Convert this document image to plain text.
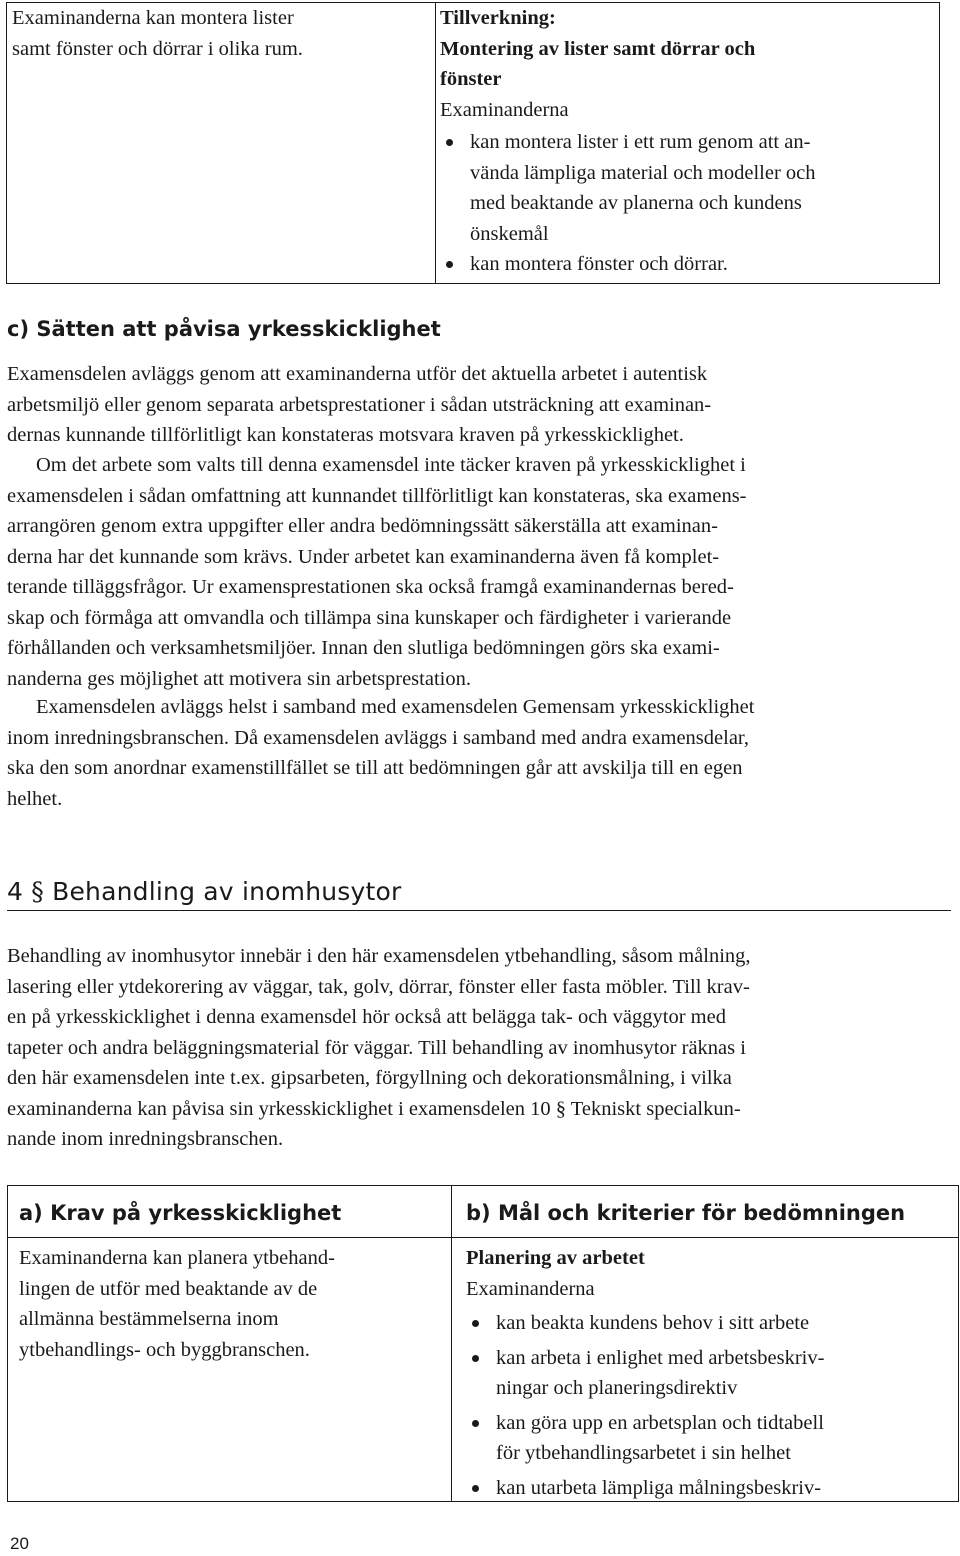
Examinanderna kan montera lister
samt fönster och dörrar i olika rum.
Tillverkning:
Montering av lister samt dörrar och
fönster
Examinanderna
kan montera lister i ett rum genom att an-
vända lämpliga material och modeller och
med beaktande av planerna och kundens
önskemål
kan montera fönster och dörrar.
c) Sätten att påvisa yrkesskicklighet
Examensdelen avläggs genom att examinanderna utför det aktuella arbetet i autentisk
arbetsmiljö eller genom separata arbetsprestationer i sådan utsträckning att examinan-
dernas kunnande tillförlitligt kan konstateras motsvara kraven på yrkesskicklighet.
Om det arbete som valts till denna examensdel inte täcker kraven på yrkesskicklighet i
examensdelen i sådan omfattning att kunnandet tillförlitligt kan konstateras, ska examens-
arrangören genom extra uppgifter eller andra bedömningssätt säkerställa att examinan-
derna har det kunnande som krävs. Under arbetet kan examinanderna även få komplet-
terande tilläggsfrågor. Ur examensprestationen ska också framgå examinandernas bered-
skap och förmåga att omvandla och tillämpa sina kunskaper och färdigheter i varierande
förhållanden och verksamhetsmiljöer. Innan den slutliga bedömningen görs ska exami-
nanderna ges möjlighet att motivera sin arbetsprestation.
Examensdelen avläggs helst i samband med examensdelen Gemensam yrkesskicklighet
inom inredningsbranschen. Då examensdelen avläggs i samband med andra examensdelar,
ska den som anordnar examenstillfället se till att bedömningen går att avskilja till en egen
helhet.
4 § Behandling av inomhusytor
Behandling av inomhusytor innebär i den här examensdelen ytbehandling, såsom målning,
lasering eller ytdekorering av väggar, tak, golv, dörrar, fönster eller fasta möbler. Till krav-
en på yrkesskicklighet i denna examensdel hör också att belägga tak- och väggytor med
tapeter och andra beläggningsmaterial för väggar. Till behandling av inomhusytor räknas i
den här examensdelen inte t.ex. gipsarbeten, förgyllning och dekorationsmålning, i vilka
examinanderna kan påvisa sin yrkesskicklighet i examensdelen 10 § Tekniskt specialkun-
nande inom inredningsbranschen.
a) Krav på yrkesskicklighet	b) Mål och kriterier för bedömningen
Examinanderna kan planera ytbehand-
lingen de utför med beaktande av de
allmänna bestämmelserna inom
ytbehandlings- och byggbranschen.
Planering av arbetet
Examinanderna
kan beakta kundens behov i sitt arbete
kan arbeta i enlighet med arbetsbeskriv-
ningar och planeringsdirektiv
kan göra upp en arbetsplan och tidtabell
för ytbehandlingsarbetet i sin helhet
kan utarbeta lämpliga målningsbeskriv-
20
